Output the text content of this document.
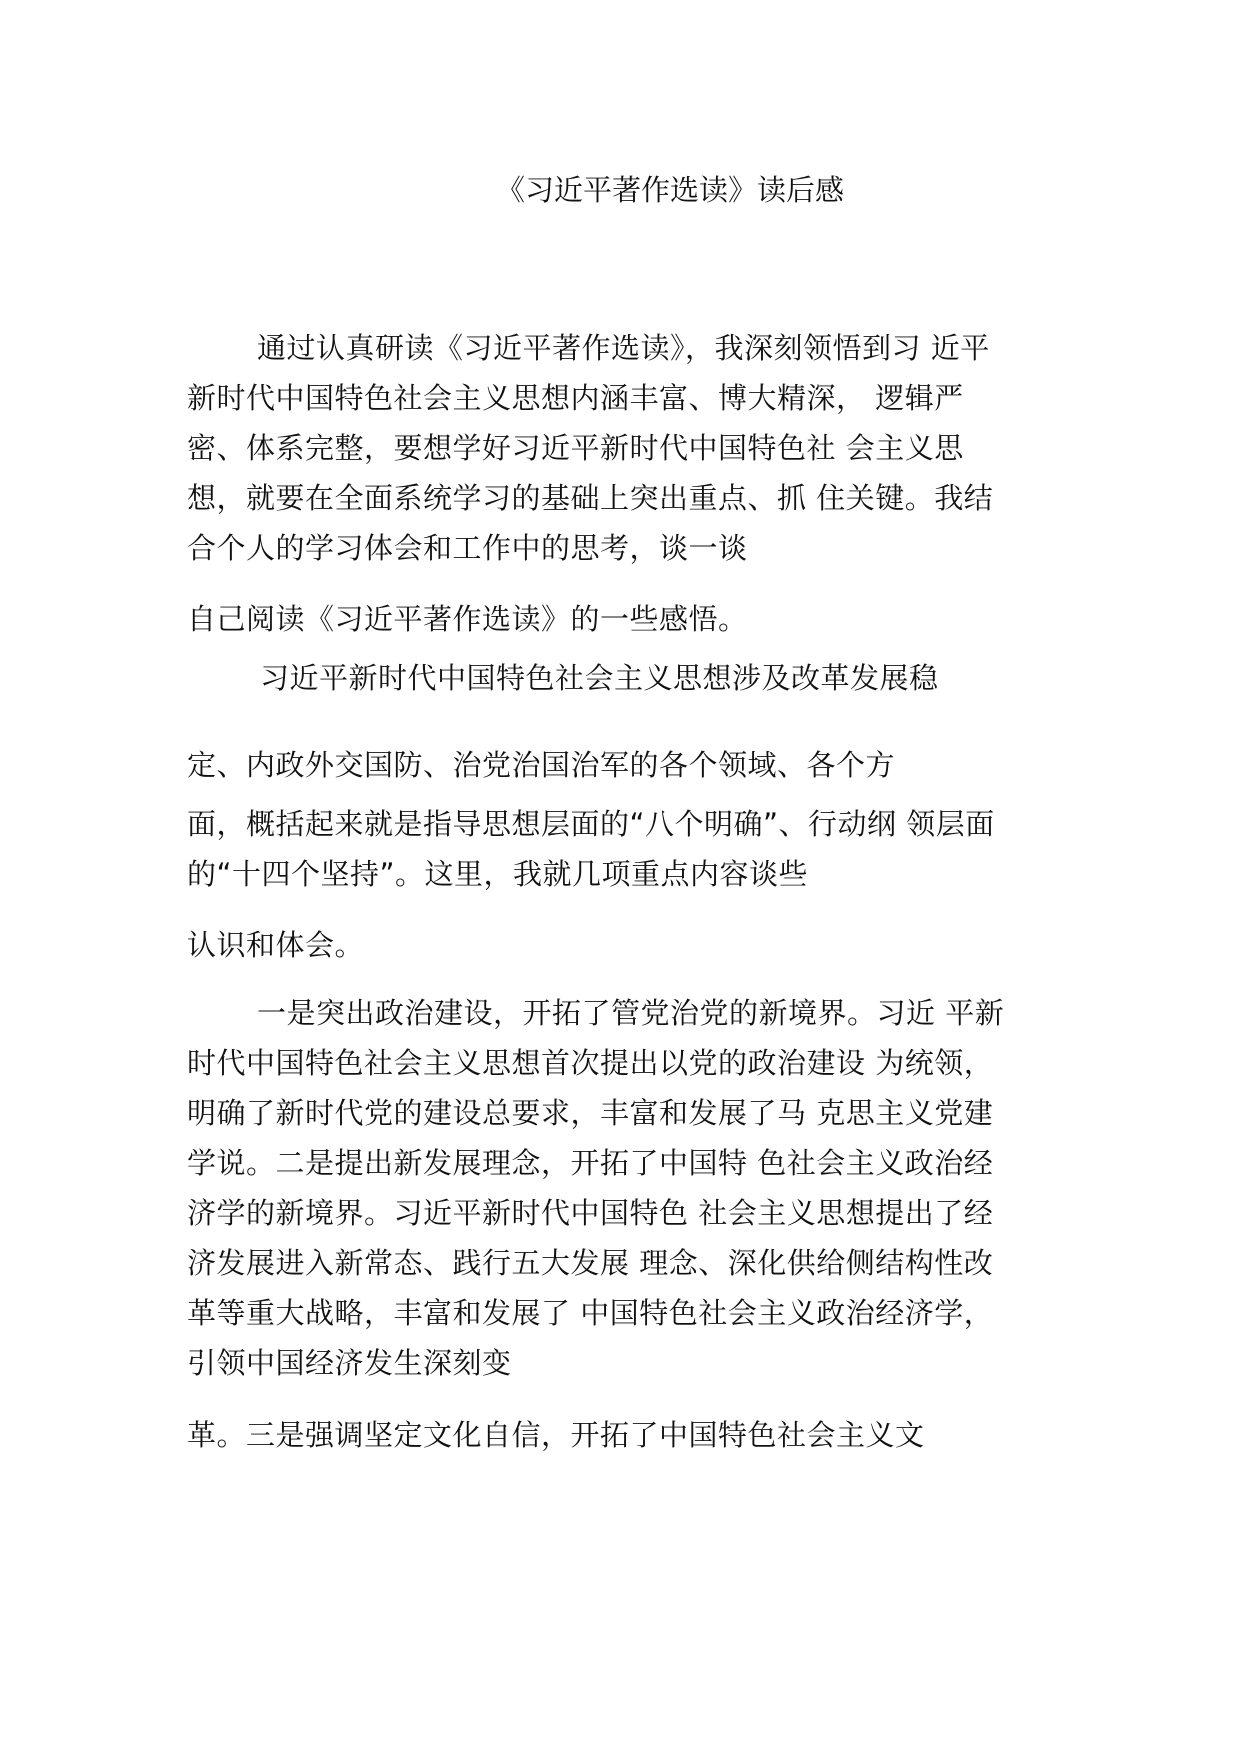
《习近平著作选读》读后感
通过认真研读《习近平著作选读》，我深刻领悟到习 近平
新时代中国特色社会主义思想内涵丰富、博大精深， 逻辑严
密、体系完整，要想学好习近平新时代中国特色社 会主义思
想，就要在全面系统学习的基础上突出重点、抓 住关键。我结
合个人的学习体会和工作中的思考，谈一谈
自己阅读《习近平著作选读》的一些感悟。
习近平新时代中国特色社会主义思想涉及改革发展稳
定、内政外交国防、治党治国治军的各个领域、各个方
面，概括起来就是指导思想层面的“八个明确”、行动纲 领层面
的“十四个坚持”。这里，我就几项重点内容谈些
认识和体会。
一是突出政治建设，开拓了管党治党的新境界。习近 平新
时代中国特色社会主义思想首次提出以党的政治建设 为统领，
明确了新时代党的建设总要求，丰富和发展了马 克思主义党建
学说。二是提出新发展理念，开拓了中国特 色社会主义政治经
济学的新境界。习近平新时代中国特色 社会主义思想提出了经
济发展进入新常态、践行五大发展 理念、深化供给侧结构性改
革等重大战略，丰富和发展了 中国特色社会主义政治经济学，
引领中国经济发生深刻变
革。三是强调坚定文化自信，开拓了中国特色社会主义文
